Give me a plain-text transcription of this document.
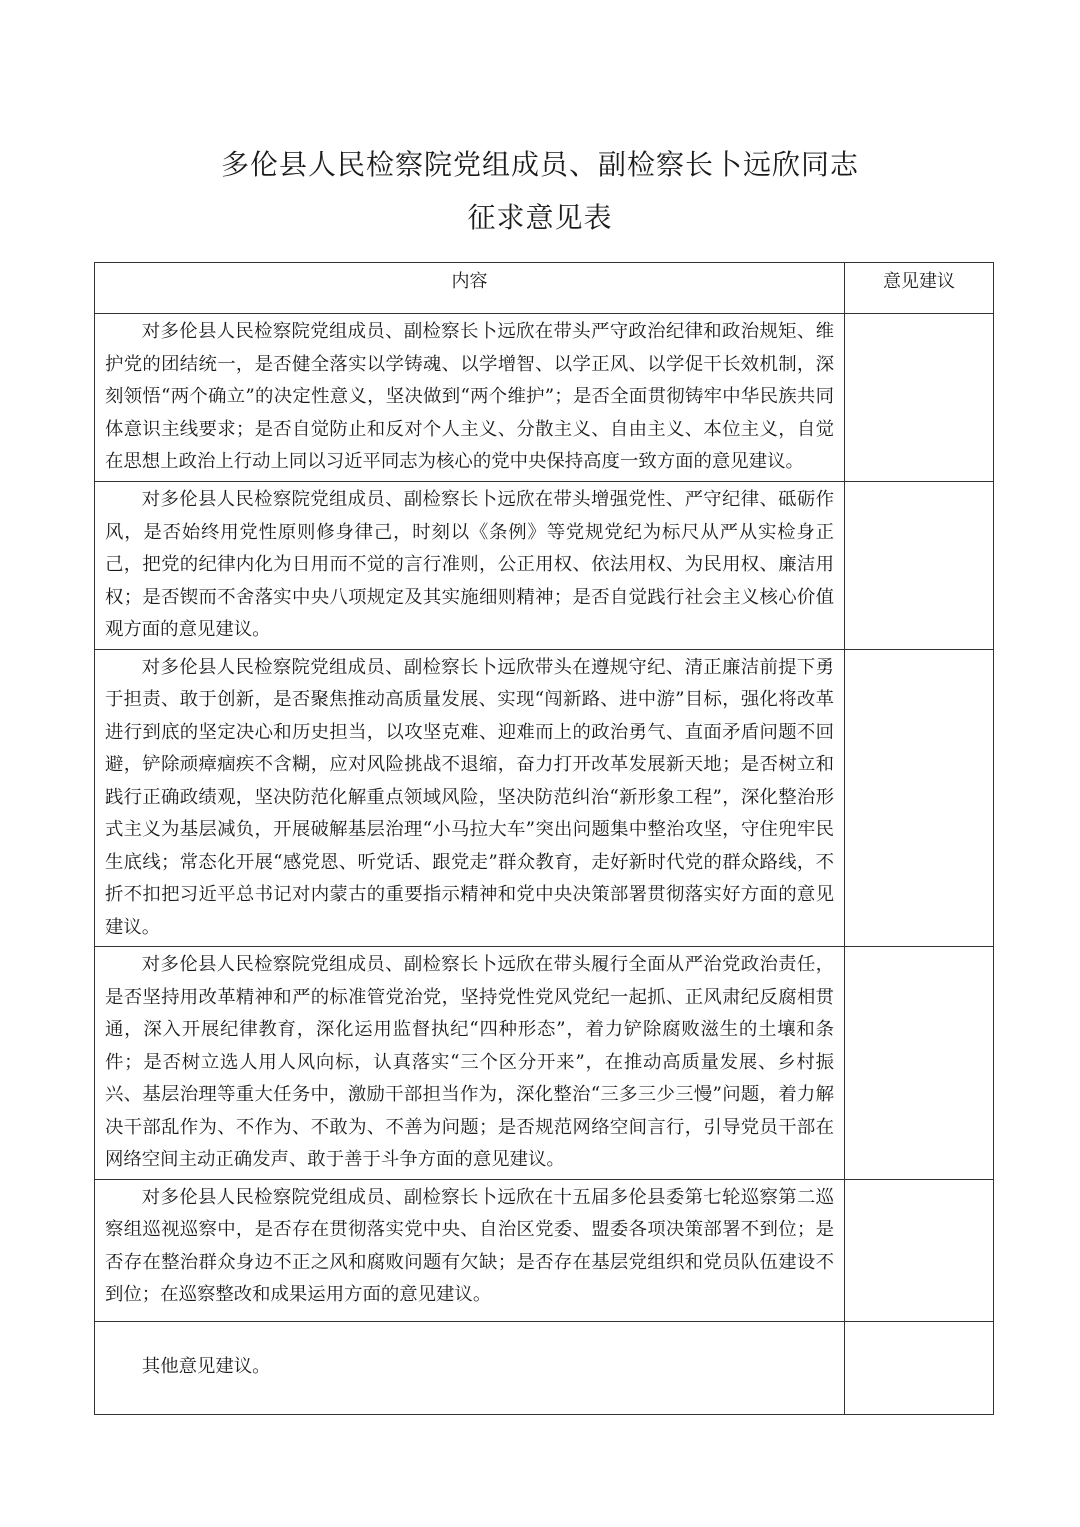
多伦县人民检察院党组成员、副检察长卜远欣同志
征求意见表
内容	意见建议

对多伦县人民检察院党组成员、副检察长卜远欣在带头严守政治纪律和政治规矩、维护党的团结统一，是否健全落实以学铸魂、以学增智、以学正风、以学促干长效机制，深刻领悟“两个确立”的决定性意义，坚决做到“两个维护”；是否全面贯彻铸牢中华民族共同体意识主线要求；是否自觉防止和反对个人主义、分散主义、自由主义、本位主义，自觉在思想上政治上行动上同以习近平同志为核心的党中央保持高度一致方面的意见建议。	

对多伦县人民检察院党组成员、副检察长卜远欣在带头增强党性、严守纪律、砥砺作风，是否始终用党性原则修身律己，时刻以《条例》等党规党纪为标尺从严从实检身正己，把党的纪律内化为日用而不觉的言行准则，公正用权、依法用权、为民用权、廉洁用权；是否锲而不舍落实中央八项规定及其实施细则精神；是否自觉践行社会主义核心价值观方面的意见建议。	

对多伦县人民检察院党组成员、副检察长卜远欣带头在遵规守纪、清正廉洁前提下勇于担责、敢于创新，是否聚焦推动高质量发展、实现“闯新路、进中游”目标，强化将改革进行到底的坚定决心和历史担当，以攻坚克难、迎难而上的政治勇气、直面矛盾问题不回避，铲除顽瘴痼疾不含糊，应对风险挑战不退缩，奋力打开改革发展新天地；是否树立和践行正确政绩观，坚决防范化解重点领域风险，坚决防范纠治“新形象工程”，深化整治形式主义为基层减负，开展破解基层治理“小马拉大车”突出问题集中整治攻坚，守住兜牢民生底线；常态化开展“感党恩、听党话、跟党走”群众教育，走好新时代党的群众路线，不折不扣把习近平总书记对内蒙古的重要指示精神和党中央决策部署贯彻落实好方面的意见建议。	

对多伦县人民检察院党组成员、副检察长卜远欣在带头履行全面从严治党政治责任，是否坚持用改革精神和严的标准管党治党，坚持党性党风党纪一起抓、正风肃纪反腐相贯通，深入开展纪律教育，深化运用监督执纪“四种形态”，着力铲除腐败滋生的土壤和条件；是否树立选人用人风向标，认真落实“三个区分开来”，在推动高质量发展、乡村振兴、基层治理等重大任务中，激励干部担当作为，深化整治“三多三少三慢”问题，着力解决干部乱作为、不作为、不敢为、不善为问题；是否规范网络空间言行，引导党员干部在网络空间主动正确发声、敢于善于斗争方面的意见建议。	

对多伦县人民检察院党组成员、副检察长卜远欣在十五届多伦县委第七轮巡察第二巡察组巡视巡察中，是否存在贯彻落实党中央、自治区党委、盟委各项决策部署不到位；是否存在整治群众身边不正之风和腐败问题有欠缺；是否存在基层党组织和党员队伍建设不到位；在巡察整改和成果运用方面的意见建议。	

其他意见建议。	
